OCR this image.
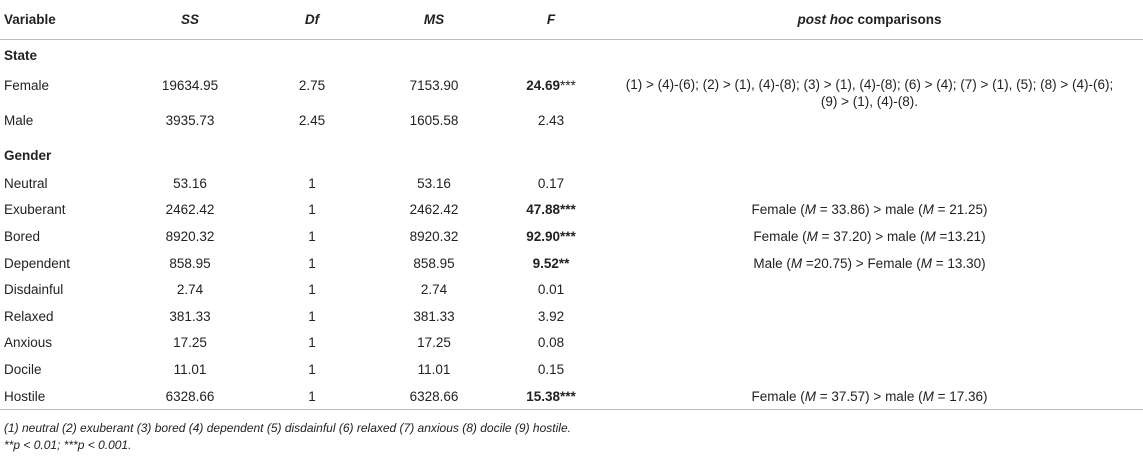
Variable	SS	Df	MS	F	post hoc comparisons
State					
Female	19634.95	2.75	7153.90	24.69***	(1) > (4)-(6); (2) > (1), (4)-(8); (3) > (1), (4)-(8); (6) > (4); (7) > (1), (5); (8) > (4)-(6);
(9) > (1), (4)-(8).

Male	3935.73	2.45	1605.58	2.43	
Gender					
Neutral	53.16	1	53.16	0.17	
Exuberant	2462.42	1	2462.42	47.88***	Female (M = 33.86) > male (M = 21.25)
Bored	8920.32	1	8920.32	92.90***	Female (M = 37.20) > male (M =13.21)
Dependent	858.95	1	858.95	9.52**	Male (M =20.75) > Female (M = 13.30)
Disdainful	2.74	1	2.74	0.01	
Relaxed	381.33	1	381.33	3.92	
Anxious	17.25	1	17.25	0.08	
Docile	11.01	1	11.01	0.15	
Hostile	6328.66	1	6328.66	15.38***	Female (M = 37.57) > male (M = 17.36)

(1) neutral (2) exuberant (3) bored (4) dependent (5) disdainful (6) relaxed (7) anxious (8) docile (9) hostile.
**p < 0.01; ***p < 0.001.					
